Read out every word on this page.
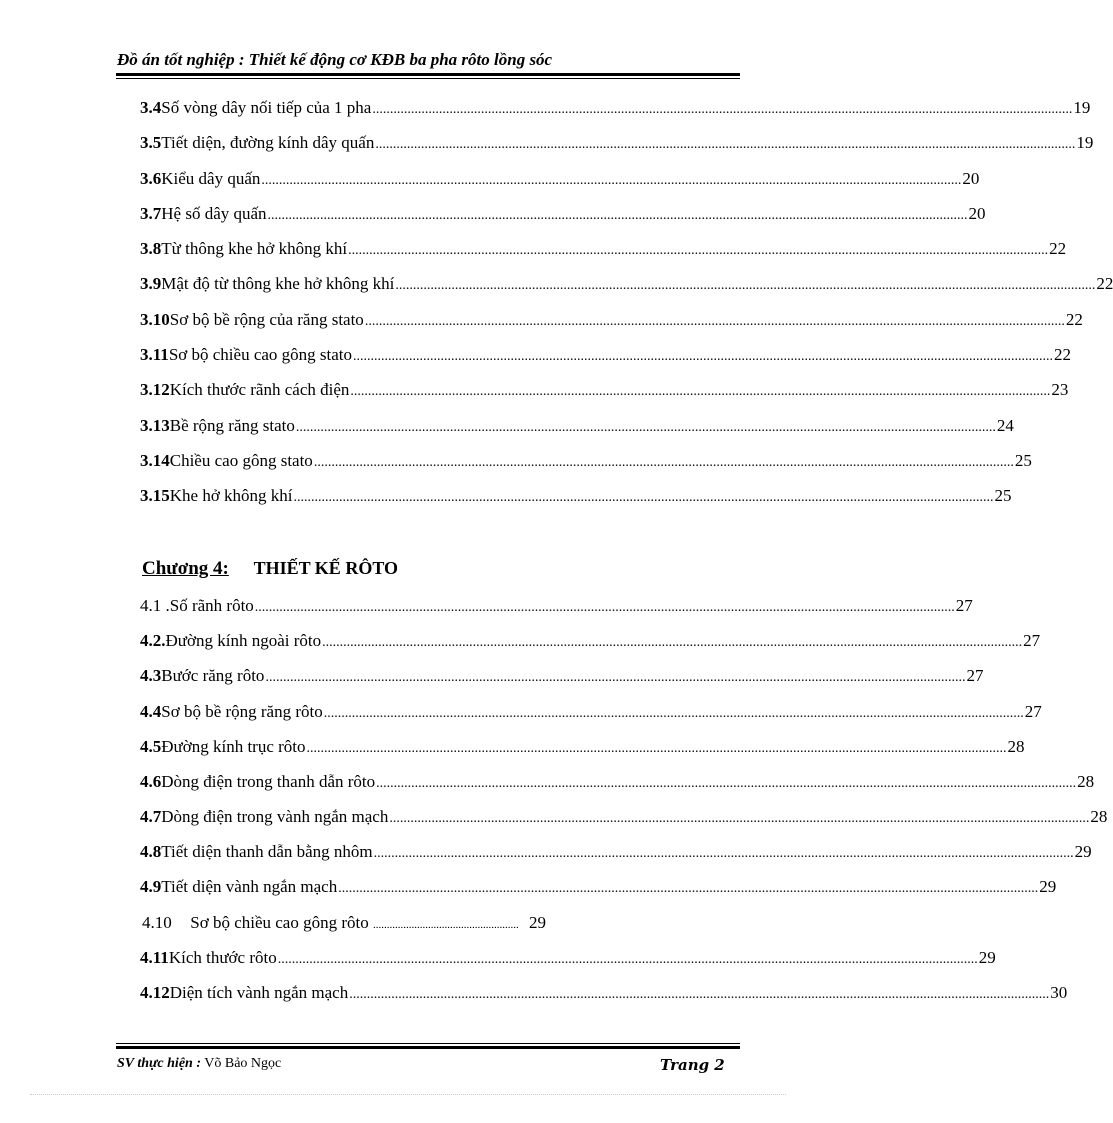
Đồ án tốt nghiệp : Thiết kế động cơ KĐB ba pha rôto lồng sóc
3.4 Số vòng dây nối tiếp của 1 pha ........................................................................................................................................................................................................ 19
3.5 Tiết diện, đường kính dây quấn ........................................................................................................................................................................................................ 19
3.6 Kiểu dây quấn ........................................................................................................................................................................................................ 20
3.7 Hệ số dây quấn ........................................................................................................................................................................................................ 20
3.8 Từ thông khe hở không khí ........................................................................................................................................................................................................ 22
3.9 Mật độ từ thông khe hở không khí ........................................................................................................................................................................................................ 22
3.10 Sơ bộ bề rộng của răng stato ........................................................................................................................................................................................................ 22
3.11 Sơ bộ chiều cao gông stato ........................................................................................................................................................................................................ 22
3.12 Kích thước rãnh cách điện ........................................................................................................................................................................................................ 23
3.13 Bề rộng răng stato ........................................................................................................................................................................................................ 24
3.14 Chiều cao gông stato ........................................................................................................................................................................................................ 25
3.15 Khe hở không khí ........................................................................................................................................................................................................ 25
Chương 4: THIẾT KẾ RÔTO
4.1 . Số rãnh rôto ........................................................................................................................................................................................................ 27
4.2. Đường kính ngoài rôto ........................................................................................................................................................................................................ 27
4.3 Bước răng rôto ........................................................................................................................................................................................................ 27
4.4 Sơ bộ bề rộng răng rôto ........................................................................................................................................................................................................ 27
4.5 Đường kính trục rôto ........................................................................................................................................................................................................ 28
4.6 Dòng điện trong thanh dẫn rôto ........................................................................................................................................................................................................ 28
4.7 Dòng điện trong vành ngắn mạch ........................................................................................................................................................................................................ 28
4.8 Tiết diện thanh dẫn bằng nhôm ........................................................................................................................................................................................................ 29
4.9 Tiết diện vành ngắn mạch ........................................................................................................................................................................................................ 29
4.10 Sơ bộ chiều cao gông rôto ..................................................... 29
4.11 Kích thước rôto ........................................................................................................................................................................................................ 29
4.12 Diện tích vành ngắn mạch ........................................................................................................................................................................................................ 30
SV thực hiện : Võ Bảo Ngọc	Trang 2
